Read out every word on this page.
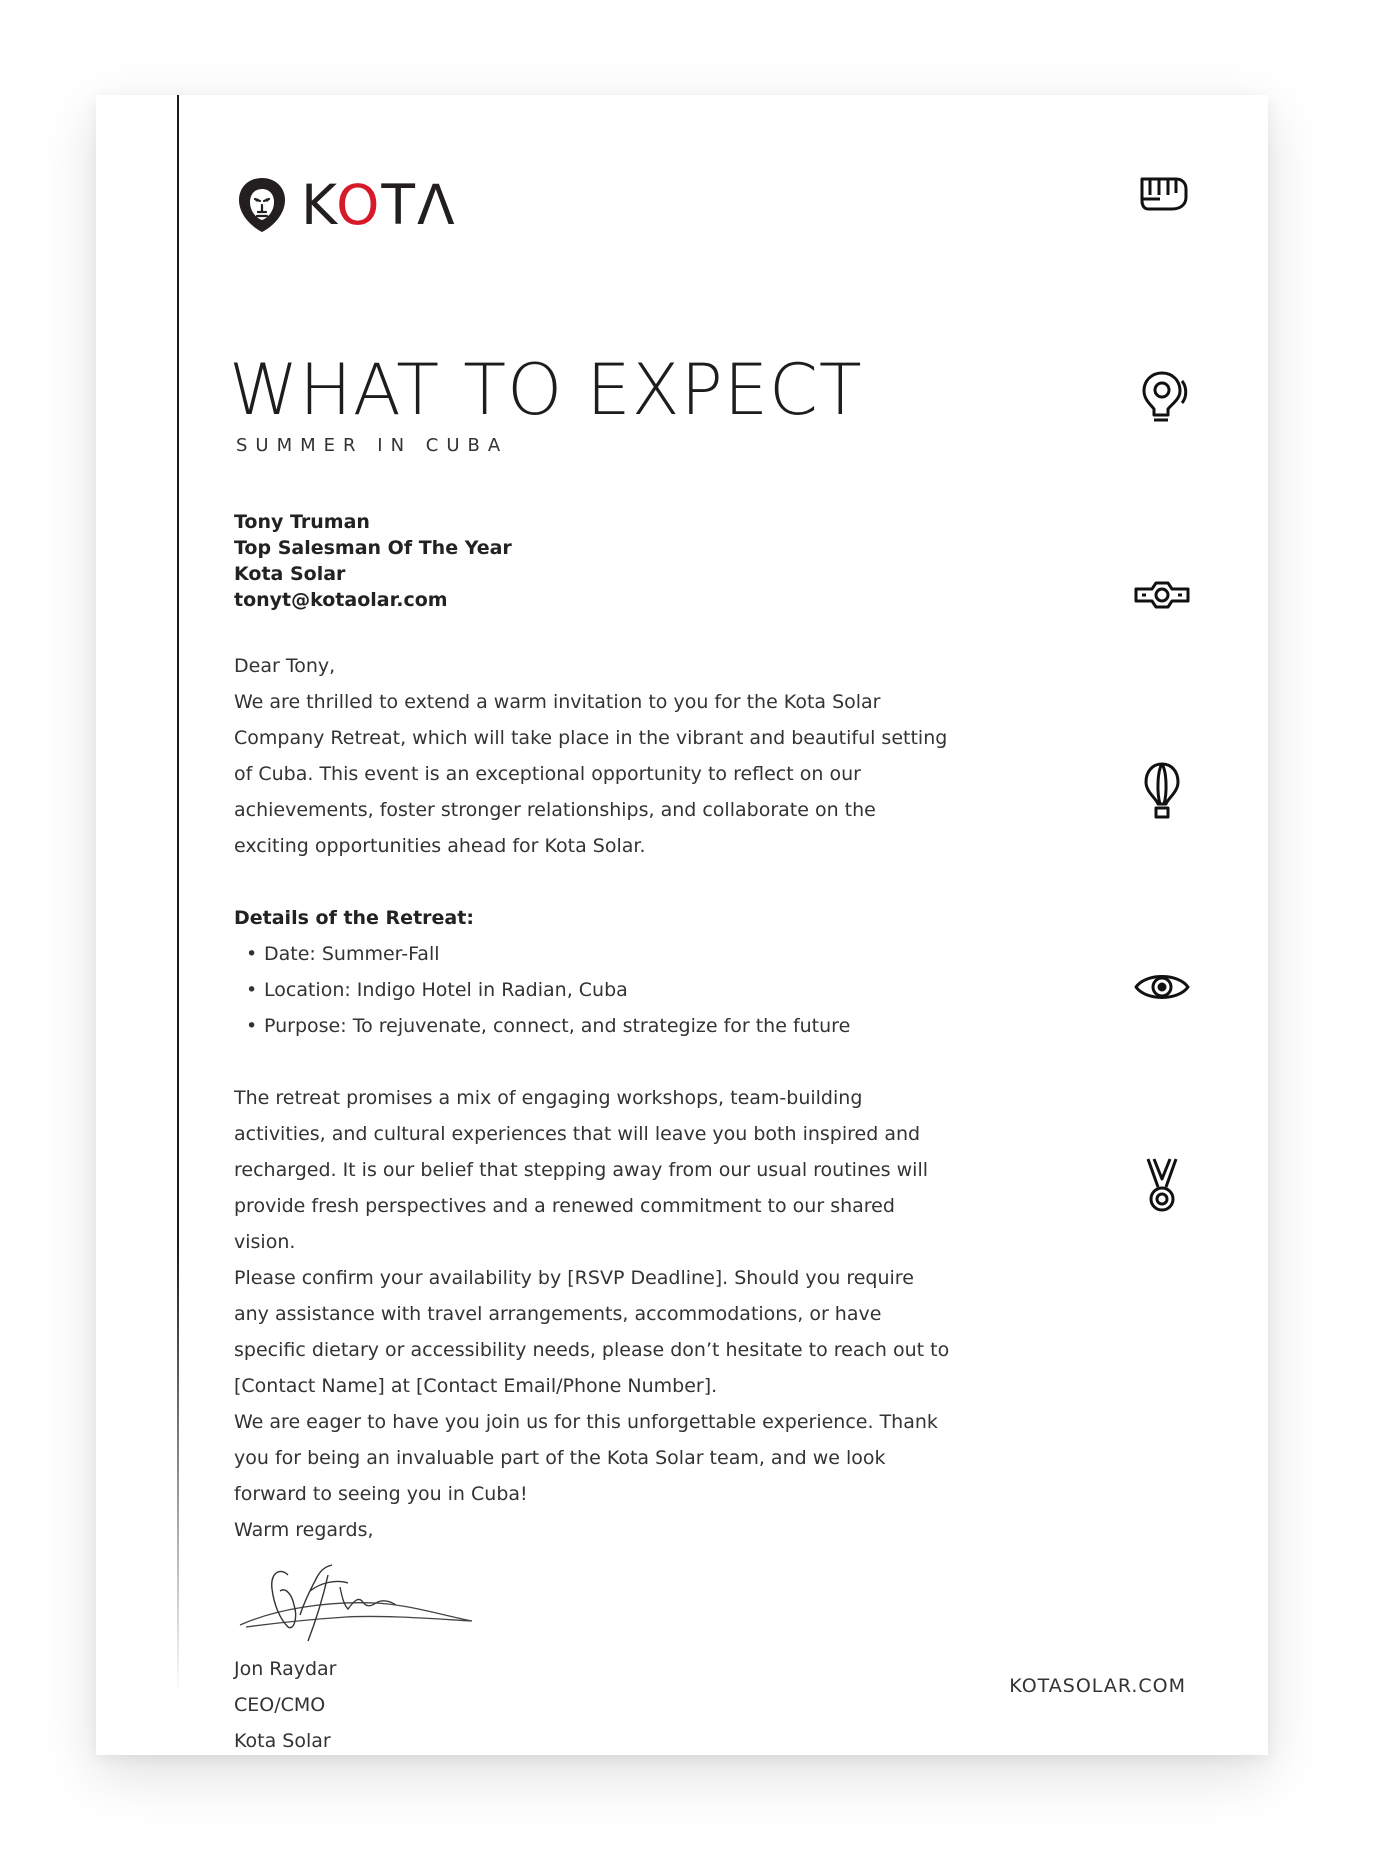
KOTΛ
WHAT TO EXPECT
SUMMER IN CUBA
Tony Truman
Top Salesman Of The Year
Kota Solar
tonyt@kotaolar.com

Dear Tony,

We are thrilled to extend a warm invitation to you for the Kota Solar Company Retreat, which will take place in the vibrant and beautiful setting of Cuba. This event is an exceptional opportunity to reflect on our achievements, foster stronger relationships, and collaborate on the exciting opportunities ahead for Kota Solar.

Details of the Retreat:

• Date: Summer-Fall
• Location: Indigo Hotel in Radian, Cuba
• Purpose: To rejuvenate, connect, and strategize for the future

The retreat promises a mix of engaging workshops, team-building activities, and cultural experiences that will leave you both inspired and recharged. It is our belief that stepping away from our usual routines will provide fresh perspectives and a renewed commitment to our shared vision.

Please confirm your availability by [RSVP Deadline]. Should you require any assistance with travel arrangements, accommodations, or have specific dietary or accessibility needs, please don’t hesitate to reach out to [Contact Name] at [Contact Email/Phone Number].

We are eager to have you join us for this unforgettable experience. Thank you for being an invaluable part of the Kota Solar team, and we look forward to seeing you in Cuba!

Warm regards,

Jon Raydar
CEO/CMO
Kota Solar
KOTASOLAR.COM
